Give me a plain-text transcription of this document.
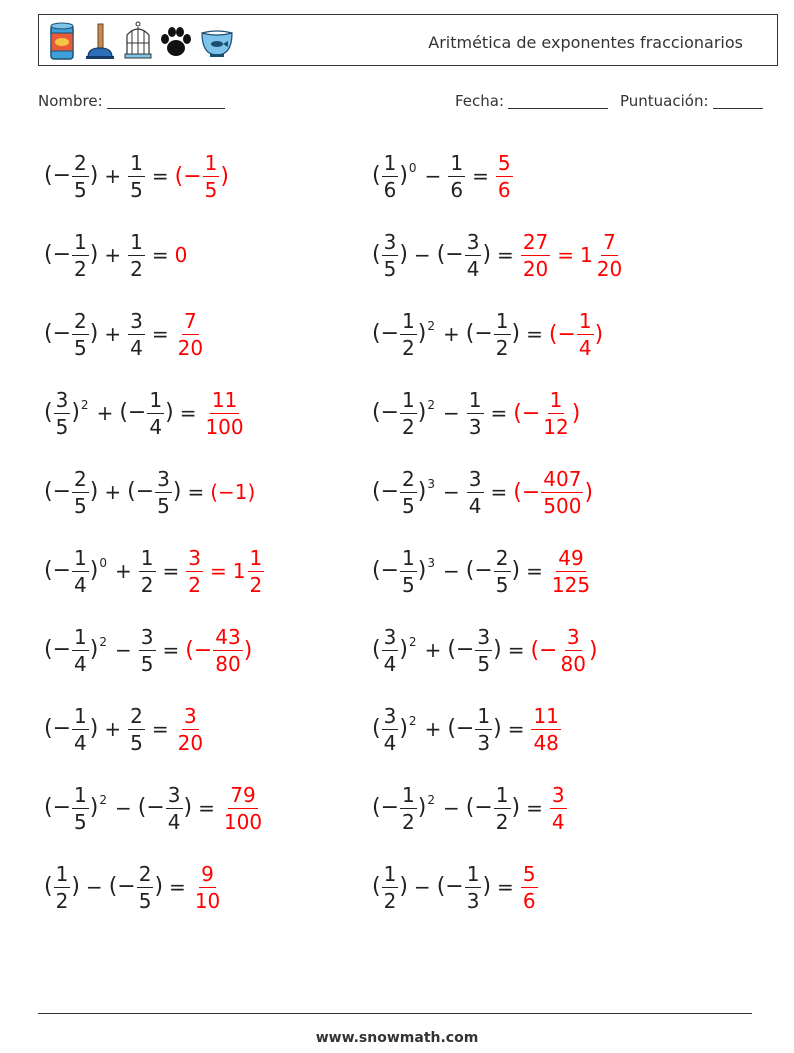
Aritmética de exponentes fraccionarios
Nombre:	Fecha:	Puntuación:
(− $\frac{2}{5}$ ) + $\frac{1}{5}$ = (− $\frac{1}{5}$ )
(− $\frac{1}{2}$ ) + $\frac{1}{2} = 0$
(− $\frac{2}{5}$ ) + $\frac{3}{4} = \frac{7}{20}$
( $\frac{3}{5} )^2$ + (− $\frac{1}{4}$ ) = $\frac{11}{100}$
(− $\frac{2}{5}$ ) + (− $\frac{3}{5}$ ) = (−1)
(− $\frac{1}{4} )^0 + \frac{1}{2} = \frac{3}{2} = 1 \frac{1}{2}$
(− $\frac{1}{4} )^2 - \frac{3}{5}$ = (− $\frac{43}{80}$ )
(− $\frac{1}{4}$ ) + $\frac{2}{5} = \frac{3}{20}$
(− $\frac{1}{5} )^2$ − (− $\frac{3}{4}$ ) = $\frac{79}{100}$
( $\frac{1}{2}$ ) − (− $\frac{2}{5}$ ) = $\frac{9}{10}$
( $\frac{1}{6} )^0 - \frac{1}{6} = \frac{5}{6}$
( $\frac{3}{5}$ ) − (− $\frac{3}{4}$ ) = $\frac{27}{20} = 1 \frac{7}{20}$
(− $\frac{1}{2} )^2$ + (− $\frac{1}{2}$ ) = (− $\frac{1}{4}$ )
(− $\frac{1}{2} )^2 - \frac{1}{3}$ = (− $\frac{1}{12}$ )
(− $\frac{2}{5} )^3 - \frac{3}{4}$ = (− $\frac{407}{500}$ )
(− $\frac{1}{5} )^3$ − (− $\frac{2}{5}$ ) = $\frac{49}{125}$
( $\frac{3}{4} )^2$ + (− $\frac{3}{5}$ ) = (− $\frac{3}{80}$ )
( $\frac{3}{4} )^2$ + (− $\frac{1}{3}$ ) = $\frac{11}{48}$
(− $\frac{1}{2} )^2$ − (− $\frac{1}{2}$ ) = $\frac{3}{4}$
( $\frac{1}{2}$ ) − (− $\frac{1}{3}$ ) = $\frac{5}{6}$
www.snowmath.com
